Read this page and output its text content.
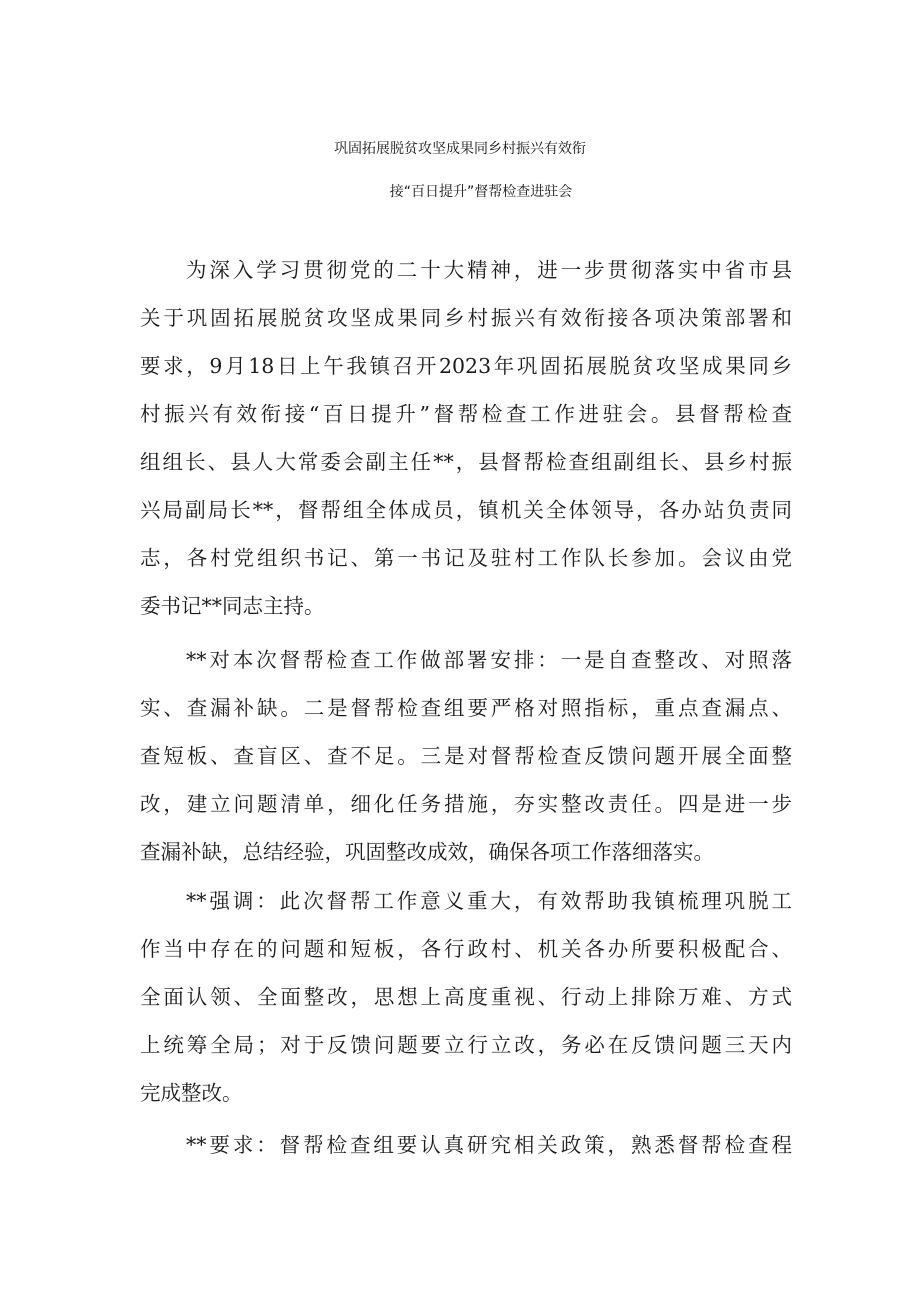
巩固拓展脱贫攻坚成果同乡村振兴有效衔
接“百日提升”督帮检查进驻会
为深入学习贯彻党的二十大精神，进一步贯彻落实中省市县
关于巩固拓展脱贫攻坚成果同乡村振兴有效衔接各项决策部署和
要求，9月18日上午我镇召开2023年巩固拓展脱贫攻坚成果同乡
村振兴有效衔接“百日提升”督帮检查工作进驻会。县督帮检查
组组长、县人大常委会副主任**，县督帮检查组副组长、县乡村振
兴局副局长**，督帮组全体成员，镇机关全体领导，各办站负责同
志，各村党组织书记、第一书记及驻村工作队长参加。会议由党
委书记**同志主持。
**对本次督帮检查工作做部署安排：一是自查整改、对照落
实、查漏补缺。二是督帮检查组要严格对照指标，重点查漏点、
查短板、查盲区、查不足。三是对督帮检查反馈问题开展全面整
改，建立问题清单，细化任务措施，夯实整改责任。四是进一步
查漏补缺，总结经验，巩固整改成效，确保各项工作落细落实。
**强调：此次督帮工作意义重大，有效帮助我镇梳理巩脱工
作当中存在的问题和短板，各行政村、机关各办所要积极配合、
全面认领、全面整改，思想上高度重视、行动上排除万难、方式
上统筹全局；对于反馈问题要立行立改，务必在反馈问题三天内
完成整改。
**要求：督帮检查组要认真研究相关政策，熟悉督帮检查程
